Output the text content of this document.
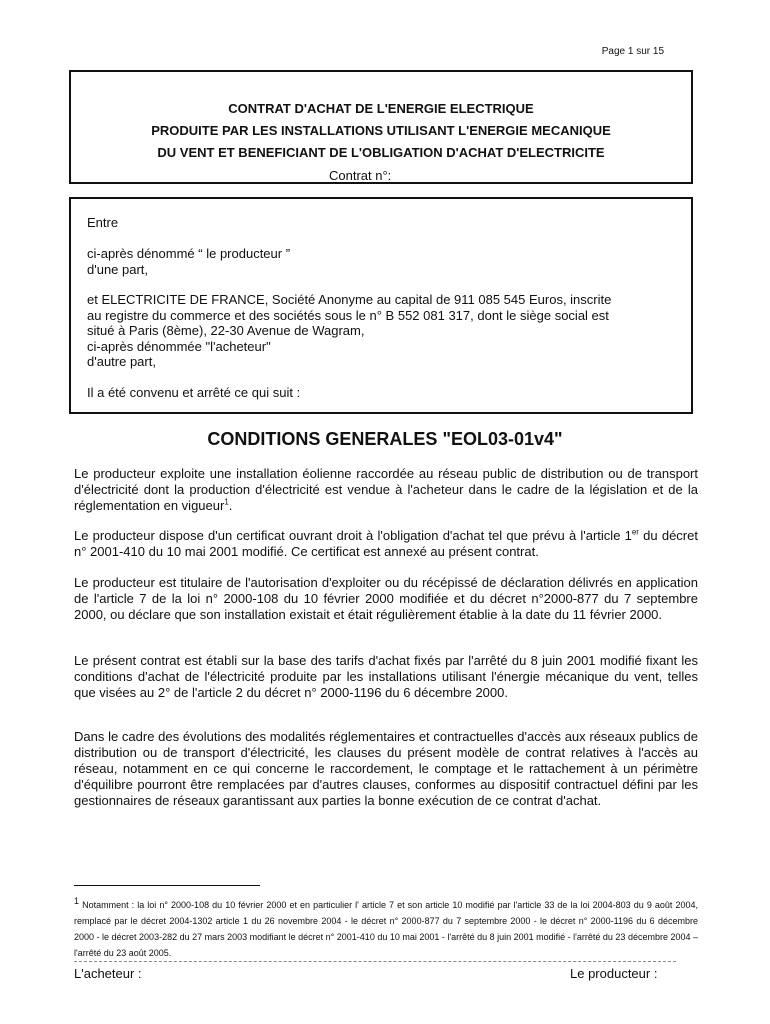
Page 1 sur 15
CONTRAT D'ACHAT DE L'ENERGIE ELECTRIQUE
PRODUITE PAR LES INSTALLATIONS UTILISANT L'ENERGIE MECANIQUE
DU VENT ET BENEFICIANT DE L'OBLIGATION D'ACHAT D'ELECTRICITE
Contrat n°:
Entre
ci-après dénommé “ le producteur ”
d'une part,
et ELECTRICITE DE FRANCE, Société Anonyme au capital de 911 085 545 Euros, inscrite
au registre du commerce et des sociétés sous le n° B 552 081 317, dont le siège social est
situé à Paris (8ème), 22-30 Avenue de Wagram,
ci-après dénommée "l'acheteur"
d'autre part,
Il a été convenu et arrêté ce qui suit :
CONDITIONS GENERALES "EOL03-01v4"

Le producteur exploite une installation éolienne raccordée au réseau public de distribution ou de transport d'électricité dont la production d'électricité est vendue à l'acheteur dans le cadre de la législation et de la réglementation en vigueur$^1$.

Le producteur dispose d'un certificat ouvrant droit à l'obligation d'achat tel que prévu à l'article 1er du décret n° 2001-410 du 10 mai 2001 modifié. Ce certificat est annexé au présent contrat.

Le producteur est titulaire de l'autorisation d'exploiter ou du récépissé de déclaration délivrés en application de l'article 7 de la loi n° 2000-108 du 10 février 2000 modifiée et du décret n°2000-877 du 7 septembre 2000, ou déclare que son installation existait et était régulièrement établie à la date du 11 février 2000.

Le présent contrat est établi sur la base des tarifs d'achat fixés par l'arrêté du 8 juin 2001 modifié fixant les conditions d'achat de l'électricité produite par les installations utilisant l'énergie mécanique du vent, telles que visées au 2° de l'article 2 du décret n° 2000-1196 du 6 décembre 2000.

Dans le cadre des évolutions des modalités réglementaires et contractuelles d'accès aux réseaux publics de distribution ou de transport d'électricité, les clauses du présent modèle de contrat relatives à l'accès au réseau, notamment en ce qui concerne le raccordement, le comptage et le rattachement à un périmètre d'équilibre pourront être remplacées par d'autres clauses, conformes au dispositif contractuel défini par les gestionnaires de réseaux garantissant aux parties la bonne exécution de ce contrat d'achat.

$^1$ Notamment : la loi n° 2000-108 du 10 février 2000 et en particulier l' article 7 et son article 10 modifié par l'article 33 de la loi 2004-803 du 9 août 2004, remplacé par le décret 2004-1302 article 1 du 26 novembre 2004 - le décret n° 2000-877 du 7 septembre 2000 - le décret n° 2000-1196 du 6 décembre 2000 - le décret 2003-282 du 27 mars 2003 modifiant le décret n° 2001-410 du 10 mai 2001 - l'arrêté du 8 juin 2001 modifié - l'arrêté du 23 décembre 2004 – l'arrêté du 23 août 2005.
L'acheteur :	Le producteur :
